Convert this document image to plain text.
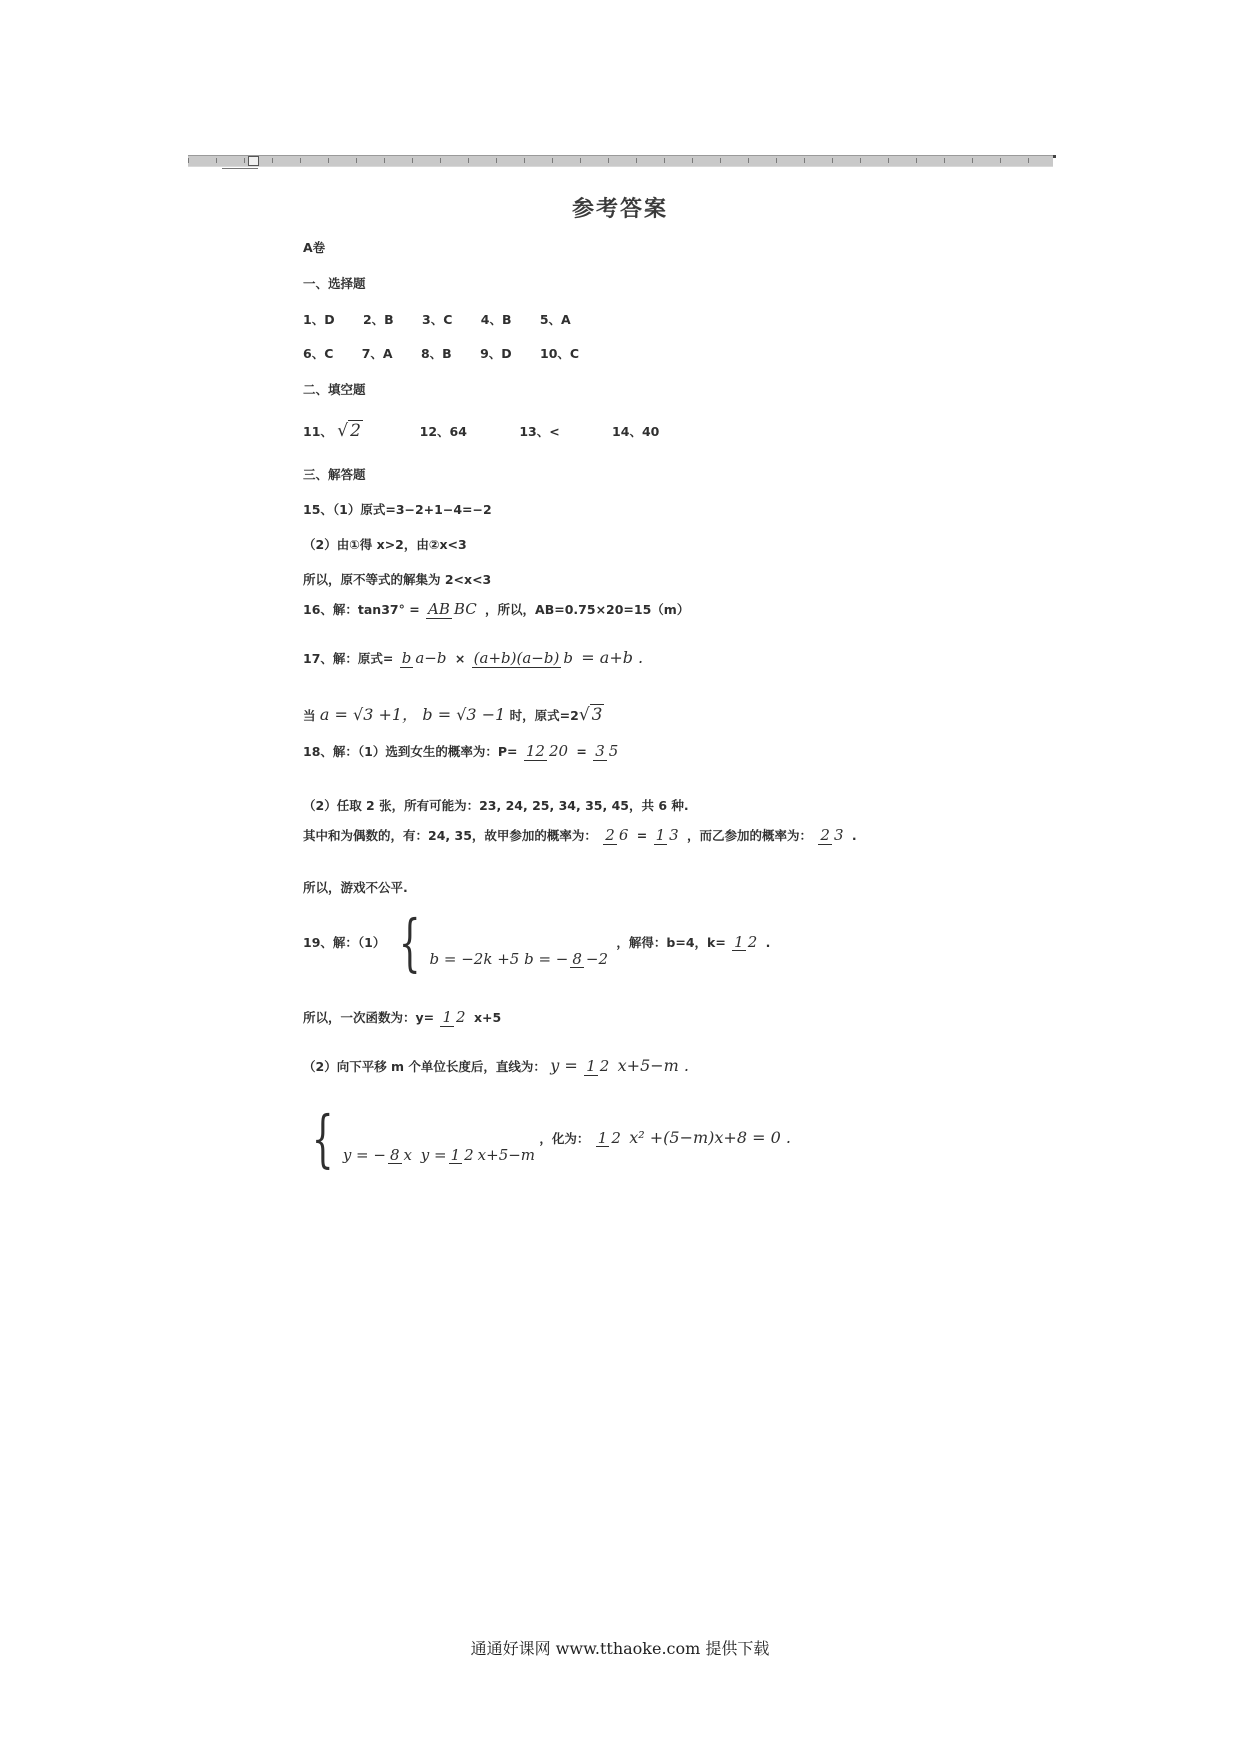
参考答案
A卷
一、选择题
1、D 2、B 3、C 4、B 5、A
6、C 7、A 8、B 9、D 10、C
二、填空题
11、 √ 2	12、64	13、<	14、40
三、解答题
15、（1）原式=3−2+1−4=−2
（2）由①得 x>2，由②x<3
所以，原不等式的解集为 2<x<3
16、解：tan37° = AB BC ，所以，AB=0.75×20=15（m）
17、解：原式= b a−b × (a+b)(a−b) b = a+b .
当 a = √3 +1， b = √3 −1 时，原式=2√ 3
18、解：（1）选到女生的概率为：P= 12 20 = 3 5
（2）任取 2 张，所有可能为：23, 24, 25, 34, 35, 45，共 6 种.
其中和为偶数的，有：24, 35，故甲参加的概率为： 2 6 = 1 3 ，而乙参加的概率为： 2 3 .
所以，游戏不公平.
19、解：（1） { b = −2k +5 b = − 8 −2 ，解得：b=4，k= 1 2 .
所以，一次函数为：y= 1 2 x+5
（2）向下平移 m 个单位长度后，直线为： y = 1 2 x+5−m .
{ y = − 8 x y = 1 2 x+5−m ，化为： 1 2 x² +(5−m)x+8 = 0 .
通通好课网 www.tthaoke.com 提供下载
